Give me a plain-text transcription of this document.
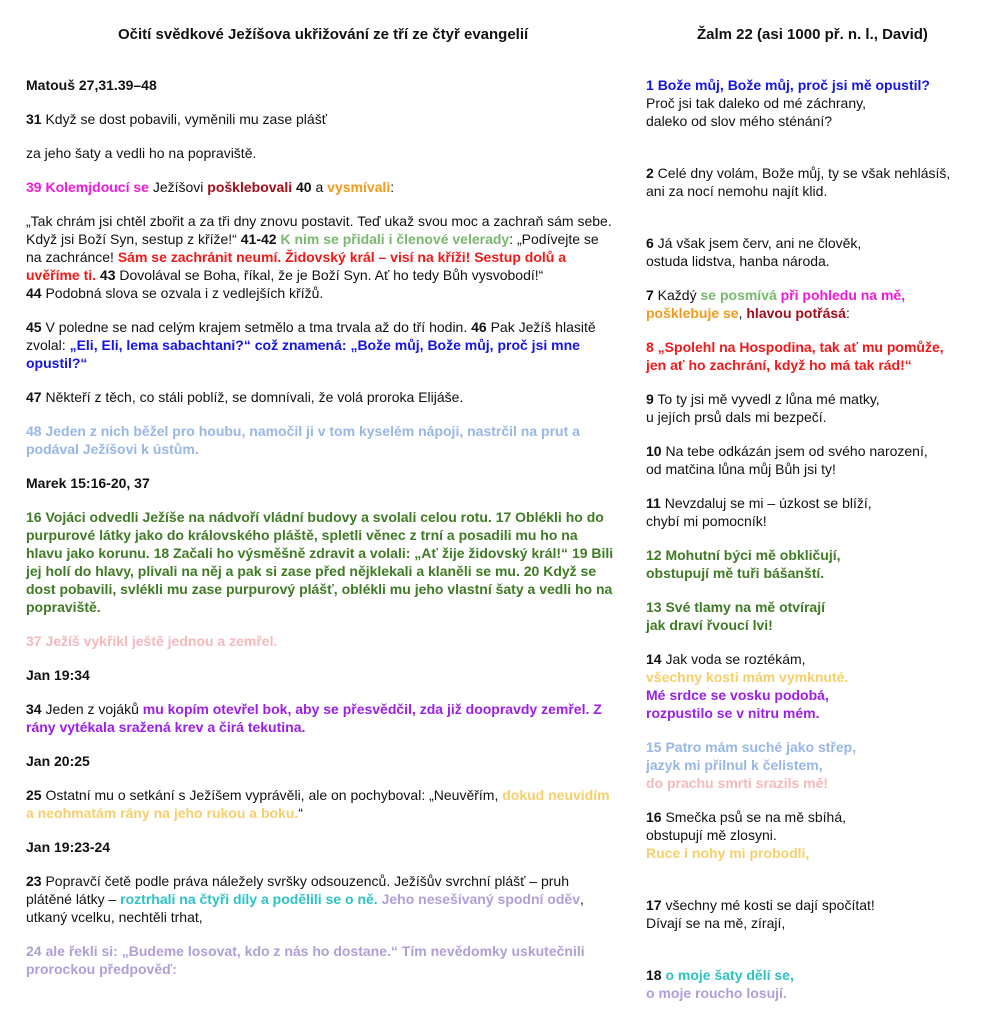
Očití svědkové Ježíšova ukřižování ze tří ze čtyř evangelií	Žalm 22 (asi 1000 př. n. l., David)

Matouš 27,31.39–48

31 Když se dost pobavili, vyměnili mu zase plášť

za jeho šaty a vedli ho na popraviště.

39 Kolemjdoucí se Ježíšovi pošklebovali 40 a vysmívali:

„Tak chrám jsi chtěl zbořit a za tři dny znovu postavit. Teď ukaž svou moc a zachraň sám sebe. Když jsi Boží Syn, sestup z kříže!“ 41-42 K nim se přidali i členové velerady: „Podívejte se na zachránce! Sám se zachránit neumí. Židovský král – visí na kříži! Sestup dolů a uvěříme ti. 43 Dovolával se Boha, říkal, že je Boží Syn. Ať ho tedy Bůh vysvobodí!“
44 Podobná slova se ozvala i z vedlejších křížů.

45 V poledne se nad celým krajem setmělo a tma trvala až do tří hodin. 46 Pak Ježíš hlasitě zvolal: „Eli, Eli, lema sabachtani?“ což znamená: „Bože můj, Bože můj, proč jsi mne opustil?“

47 Někteří z těch, co stáli poblíž, se domnívali, že volá proroka Elijáše.

48 Jeden z nich běžel pro houbu, namočil ji v tom kyselém nápoji, nastrčil na prut a podával Ježíšovi k ústům.

Marek 15:16-20, 37

16 Vojáci odvedli Ježíše na nádvoří vládní budovy a svolali celou rotu. 17 Oblékli ho do purpurové látky jako do královského pláště, spletli věnec z trní a posadili mu ho na hlavu jako korunu. 18 Začali ho výsměšně zdravit a volali: „Ať žije židovský král!“ 19 Bili jej holí do hlavy, plivali na něj a pak si zase před nějklekali a klaněli se mu. 20 Když se dost pobavili, svlékli mu zase purpurový plášť, oblékli mu jeho vlastní šaty a vedli ho na popraviště.

37 Ježíš vykřikl ještě jednou a zemřel.

Jan 19:34

34 Jeden z vojáků mu kopím otevřel bok, aby se přesvědčil, zda již doopravdy zemřel. Z rány vytékala sražená krev a čirá tekutina.

Jan 20:25

25 Ostatní mu o setkání s Ježíšem vyprávěli, ale on pochyboval: „Neuvěřím, dokud neuvidím a neohmatám rány na jeho rukou a boku.“

Jan 19:23-24

23 Popravčí četě podle práva náležely svršky odsouzenců. Ježíšův svrchní plášť – pruh plátěné látky – roztrhali na čtyři díly a podělili se o ně. Jeho nesešívaný spodní oděv, utkaný vcelku, nechtěli trhat,

24 ale řekli si: „Budeme losovat, kdo z nás ho dostane.“ Tím nevědomky uskutečnili prorockou předpověď:

1 Bože můj, Bože můj, proč jsi mě opustil?
Proč jsi tak daleko od mé záchrany,
daleko od slov mého sténání?
2 Celé dny volám, Bože můj, ty se však nehlásíš,
ani za nocí nemohu najít klid.
6 Já však jsem červ, ani ne člověk,
ostuda lidstva, hanba národa.
7 Každý se posmívá při pohledu na mě,
pošklebuje se, hlavou potřásá:
8 „Spolehl na Hospodina, tak ať mu pomůže,
jen ať ho zachrání, když ho má tak rád!“
9 To ty jsi mě vyvedl z lůna mé matky,
u jejích prsů dals mi bezpečí.
10 Na tebe odkázán jsem od svého narození,
od matčina lůna můj Bůh jsi ty!
11 Nevzdaluj se mi – úzkost se blíží,
chybí mi pomocník!
12 Mohutní býci mě obkličují,
obstupují mě tuři bášanští.
13 Své tlamy na mě otvírají
jak draví řvoucí lvi!
14 Jak voda se roztékám,
všechny kosti mám vymknuté.
Mé srdce se vosku podobá,
rozpustilo se v nitru mém.
15 Patro mám suché jako střep,
jazyk mi přilnul k čelistem,
do prachu smrti srazils mě!
16 Smečka psů se na mě sbíhá,
obstupují mě zlosyni.
Ruce i nohy mi probodli,
17 všechny mé kosti se dají spočítat!
Dívají se na mě, zírají,
18 o moje šaty dělí se,
o moje roucho losují.
